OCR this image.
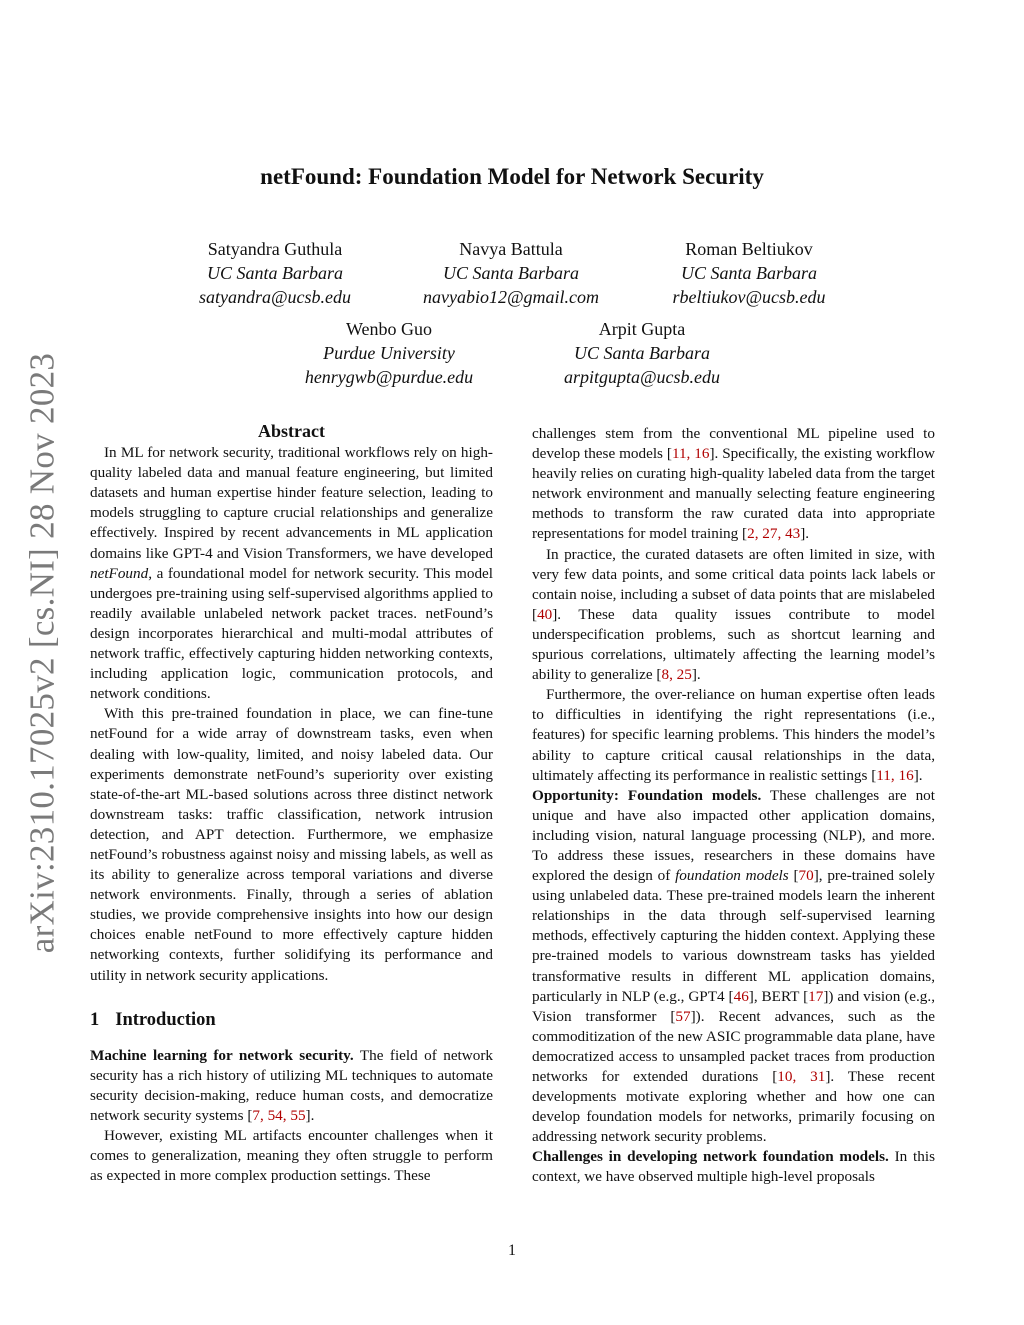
arXiv:2310.17025v2 [cs.NI] 28 Nov 2023
netFound: Foundation Model for Network Security
Satyandra Guthula
UC Santa Barbara
satyandra@ucsb.edu
Navya Battula
UC Santa Barbara
navyabio12@gmail.com
Roman Beltiukov
UC Santa Barbara
rbeltiukov@ucsb.edu
Wenbo Guo
Purdue University
henrygwb@purdue.edu
Arpit Gupta
UC Santa Barbara
arpitgupta@ucsb.edu
Abstract

In ML for network security, traditional workflows rely on high-quality labeled data and manual feature engineering, but limited datasets and human expertise hinder feature selection, leading to models struggling to capture crucial relationships and generalize effectively. Inspired by recent advancements in ML application domains like GPT-4 and Vision Transformers, we have developed netFound, a foundational model for network security. This model undergoes pre-training using self-supervised algorithms applied to readily available unlabeled network packet traces. netFound’s design incorporates hierarchical and multi-modal attributes of network traffic, effectively capturing hidden networking contexts, including application logic, communication protocols, and network conditions.

With this pre-trained foundation in place, we can fine-tune netFound for a wide array of downstream tasks, even when dealing with low-quality, limited, and noisy labeled data. Our experiments demonstrate netFound’s superiority over existing state-of-the-art ML-based solutions across three distinct network downstream tasks: traffic classification, network intrusion detection, and APT detection. Furthermore, we emphasize netFound’s robustness against noisy and missing labels, as well as its ability to generalize across temporal variations and diverse network environments. Finally, through a series of ablation studies, we provide comprehensive insights into how our design choices enable netFound to more effectively capture hidden networking contexts, further solidifying its performance and utility in network security applications.

1 Introduction

Machine learning for network security. The field of network security has a rich history of utilizing ML techniques to automate security decision-making, reduce human costs, and democratize network security systems [7, 54, 55].

However, existing ML artifacts encounter challenges when it comes to generalization, meaning they often struggle to perform as expected in more complex production settings. These

challenges stem from the conventional ML pipeline used to develop these models [11, 16]. Specifically, the existing workflow heavily relies on curating high-quality labeled data from the target network environment and manually selecting feature engineering methods to transform the raw curated data into appropriate representations for model training [2, 27, 43].

In practice, the curated datasets are often limited in size, with very few data points, and some critical data points lack labels or contain noise, including a subset of data points that are mislabeled [40]. These data quality issues contribute to model underspecification problems, such as shortcut learning and spurious correlations, ultimately affecting the learning model’s ability to generalize [8, 25].

Furthermore, the over-reliance on human expertise often leads to difficulties in identifying the right representations (i.e., features) for specific learning problems. This hinders the model’s ability to capture critical causal relationships in the data, ultimately affecting its performance in realistic settings [11, 16].

Opportunity: Foundation models. These challenges are not unique and have also impacted other application domains, including vision, natural language processing (NLP), and more. To address these issues, researchers in these domains have explored the design of foundation models [70], pre-trained solely using unlabeled data. These pre-trained models learn the inherent relationships in the data through self-supervised learning methods, effectively capturing the hidden context. Applying these pre-trained models to various downstream tasks has yielded transformative results in different ML application domains, particularly in NLP (e.g., GPT4 [46], BERT [17]) and vision (e.g., Vision transformer [57]). Recent advances, such as the commoditization of the new ASIC programmable data plane, have democratized access to unsampled packet traces from production networks for extended durations [10, 31]. These recent developments motivate exploring whether and how one can develop foundation models for networks, primarily focusing on addressing network security problems.

Challenges in developing network foundation models. In this context, we have observed multiple high-level proposals

1
